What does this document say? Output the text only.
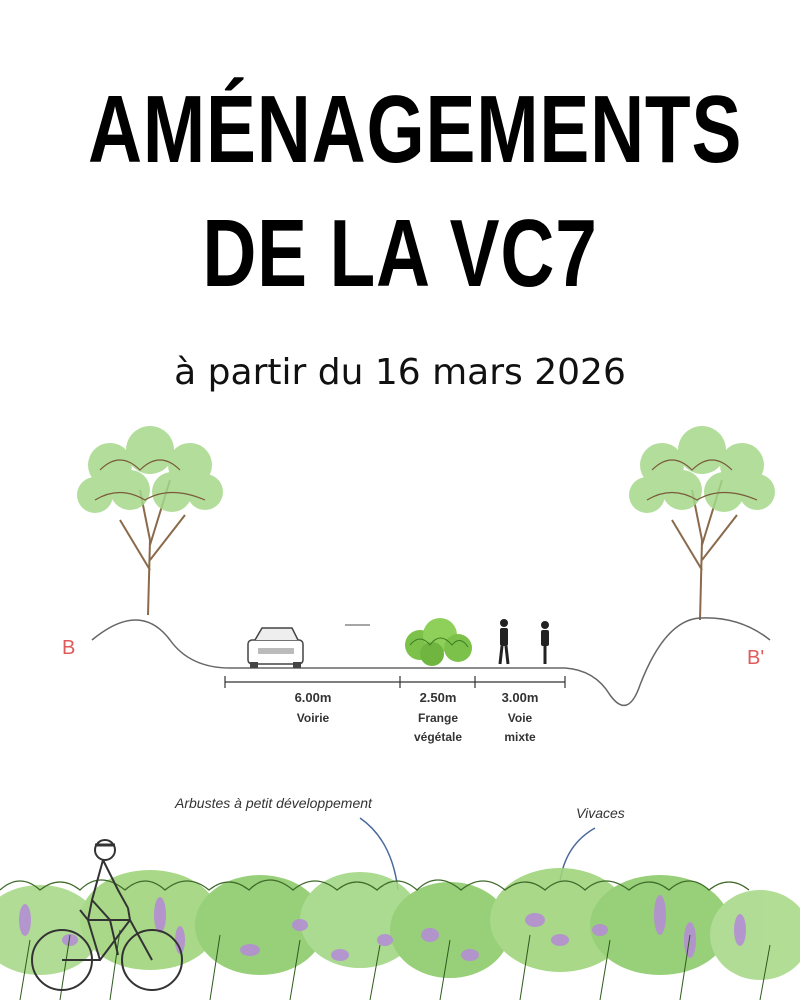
AMÉNAGEMENTS
DE LA VC7
à partir du 16 mars 2026
B	B'
6.00m
Voirie
2.50m
Frange
végétale
3.00m
Voie
mixte
Arbustes à petit développement
Vivaces
